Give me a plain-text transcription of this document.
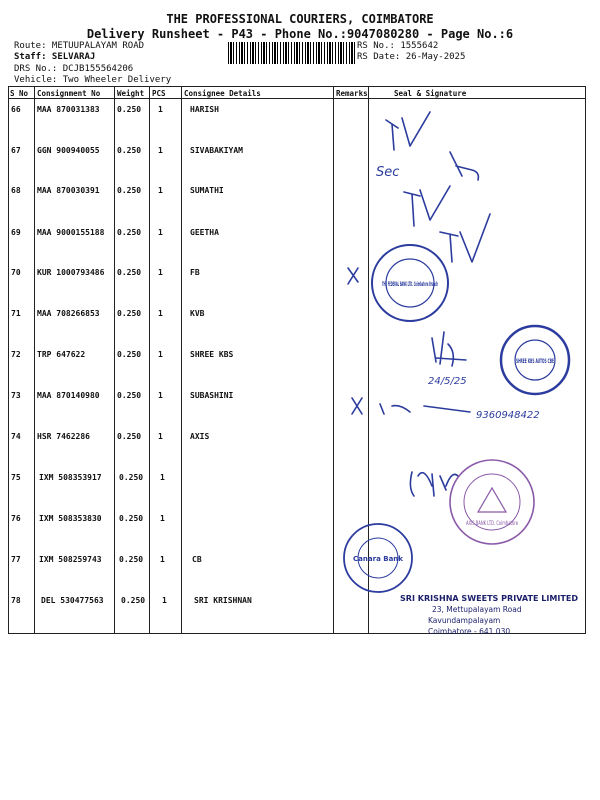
THE PROFESSIONAL COURIERS, COIMBATORE
Delivery Runsheet - P43 - Phone No.:9047080280 - Page No.:6
Route: METUUPALAYAM ROAD
Staff: SELVARAJ
DRS No.: DCJB155564206
Vehicle: Two Wheeler Delivery
RS No.: 1555642
RS Date: 26-May-2025
S No Consignment No Weight PCS Consignee Details	Remarks	Seal & Signature
66 MAA 870031383 0.250 1	HARISH
67 GGN 900940055 0.250 1	SIVABAKIYAM
68 MAA 870030391 0.250 1	SUMATHI
69 MAA 9000155188 0.250 1	GEETHA
70 KUR 1000793486 0.250 1	FB
71 MAA 708266853 0.250 1	KVB
72 TRP 647622	0.250 1	SHREE KBS
73 MAA 870140980 0.250 1	SUBASHINI
74 HSR 7462286	0.250 1	AXIS
75 IXM 508353917 0.250 1
76 IXM 508353830 0.250 1
77 IXM 508259743 0.250 1	CB
78	DEL 530477563 0.250 1	SRI KRISHNAN
Sec
24/5/25
9360948422
THE FEDERAL BANK LTD. Coimbatore Branch
SHREE KBS AUTOS CBE
AXIS BANK LTD. Coimbatore
Canara Bank
SRI KRISHNA SWEETS PRIVATE LIMITED
23, Mettupalayam Road
Kavundampalayam
Coimbatore - 641 030
